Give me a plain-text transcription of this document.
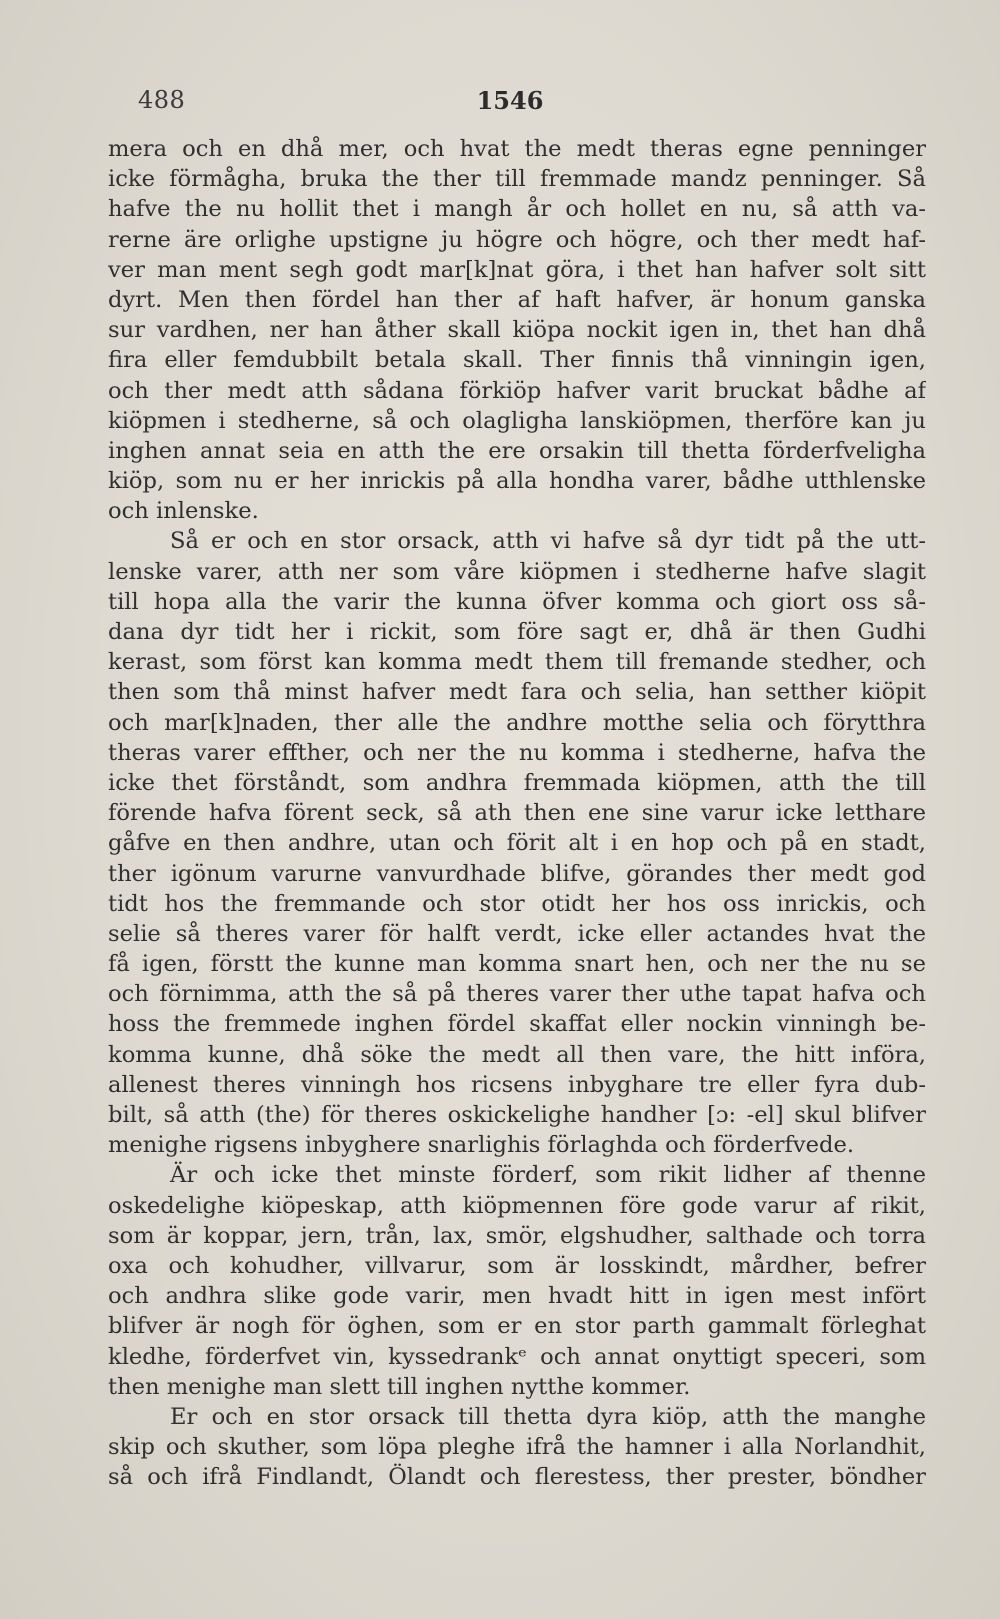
488	1546
mera och en dhå mer, och hvat the medt theras egne penninger
icke förmågha, bruka the ther till fremmade mandz penninger. Så
hafve the nu hollit thet i mangh år och hollet en nu, så atth va-
rerne äre orlighe upstigne ju högre och högre, och ther medt haf-
ver man ment segh godt mar[k]nat göra, i thet han hafver solt sitt
dyrt. Men then fördel han ther af haft hafver, är honum ganska
sur vardhen, ner han åther skall kiöpa nockit igen in, thet han dhå
fira eller femdubbilt betala skall. Ther finnis thå vinningin igen,
och ther medt atth sådana förkiöp hafver varit bruckat bådhe af
kiöpmen i stedherne, så och olagligha lanskiöpmen, therföre kan ju
inghen annat seia en atth the ere orsakin till thetta förderfveligha
kiöp, som nu er her inrickis på alla hondha varer, bådhe utthlenske
och inlenske.
Så er och en stor orsack, atth vi hafve så dyr tidt på the utt-
lenske varer, atth ner som våre kiöpmen i stedherne hafve slagit
till hopa alla the varir the kunna öfver komma och giort oss så-
dana dyr tidt her i rickit, som före sagt er, dhå är then Gudhi
kerast, som först kan komma medt them till fremande stedher, och
then som thå minst hafver medt fara och selia, han setther kiöpit
och mar[k]naden, ther alle the andhre motthe selia och förytthra
theras varer effther, och ner the nu komma i stedherne, hafva the
icke thet förståndt, som andhra fremmada kiöpmen, atth the till
förende hafva förent seck, så ath then ene sine varur icke letthare
gåfve en then andhre, utan och förit alt i en hop och på en stadt,
ther igönum varurne vanvurdhade blifve, görandes ther medt god
tidt hos the fremmande och stor otidt her hos oss inrickis, och
selie så theres varer för halft verdt, icke eller actandes hvat the
få igen, förstt the kunne man komma snart hen, och ner the nu se
och förnimma, atth the så på theres varer ther uthe tapat hafva och
hoss the fremmede inghen fördel skaffat eller nockin vinningh be-
komma kunne, dhå söke the medt all then vare, the hitt införa,
allenest theres vinningh hos ricsens inbyghare tre eller fyra dub-
bilt, så atth (the) för theres oskickelighe handher [ɔ: -el] skul blifver
menighe rigsens inbyghere snarlighis förlaghda och förderfvede.
Är och icke thet minste förderf, som rikit lidher af thenne
oskedelighe kiöpeskap, atth kiöpmennen före gode varur af rikit,
som är koppar, jern, trån, lax, smör, elgshudher, salthade och torra
oxa och kohudher, villvarur, som är losskindt, mårdher, befrer
och andhra slike gode varir, men hvadt hitt in igen mest infört
blifver är nogh för öghen, som er en stor parth gammalt förleghat
kledhe, förderfvet vin, kyssedrankᵉ och annat onyttigt speceri, som
then menighe man slett till inghen nytthe kommer.
Er och en stor orsack till thetta dyra kiöp, atth the manghe
skip och skuther, som löpa pleghe ifrå the hamner i alla Norlandhit,
så och ifrå Findlandt, Ölandt och flerestess, ther prester, böndher
